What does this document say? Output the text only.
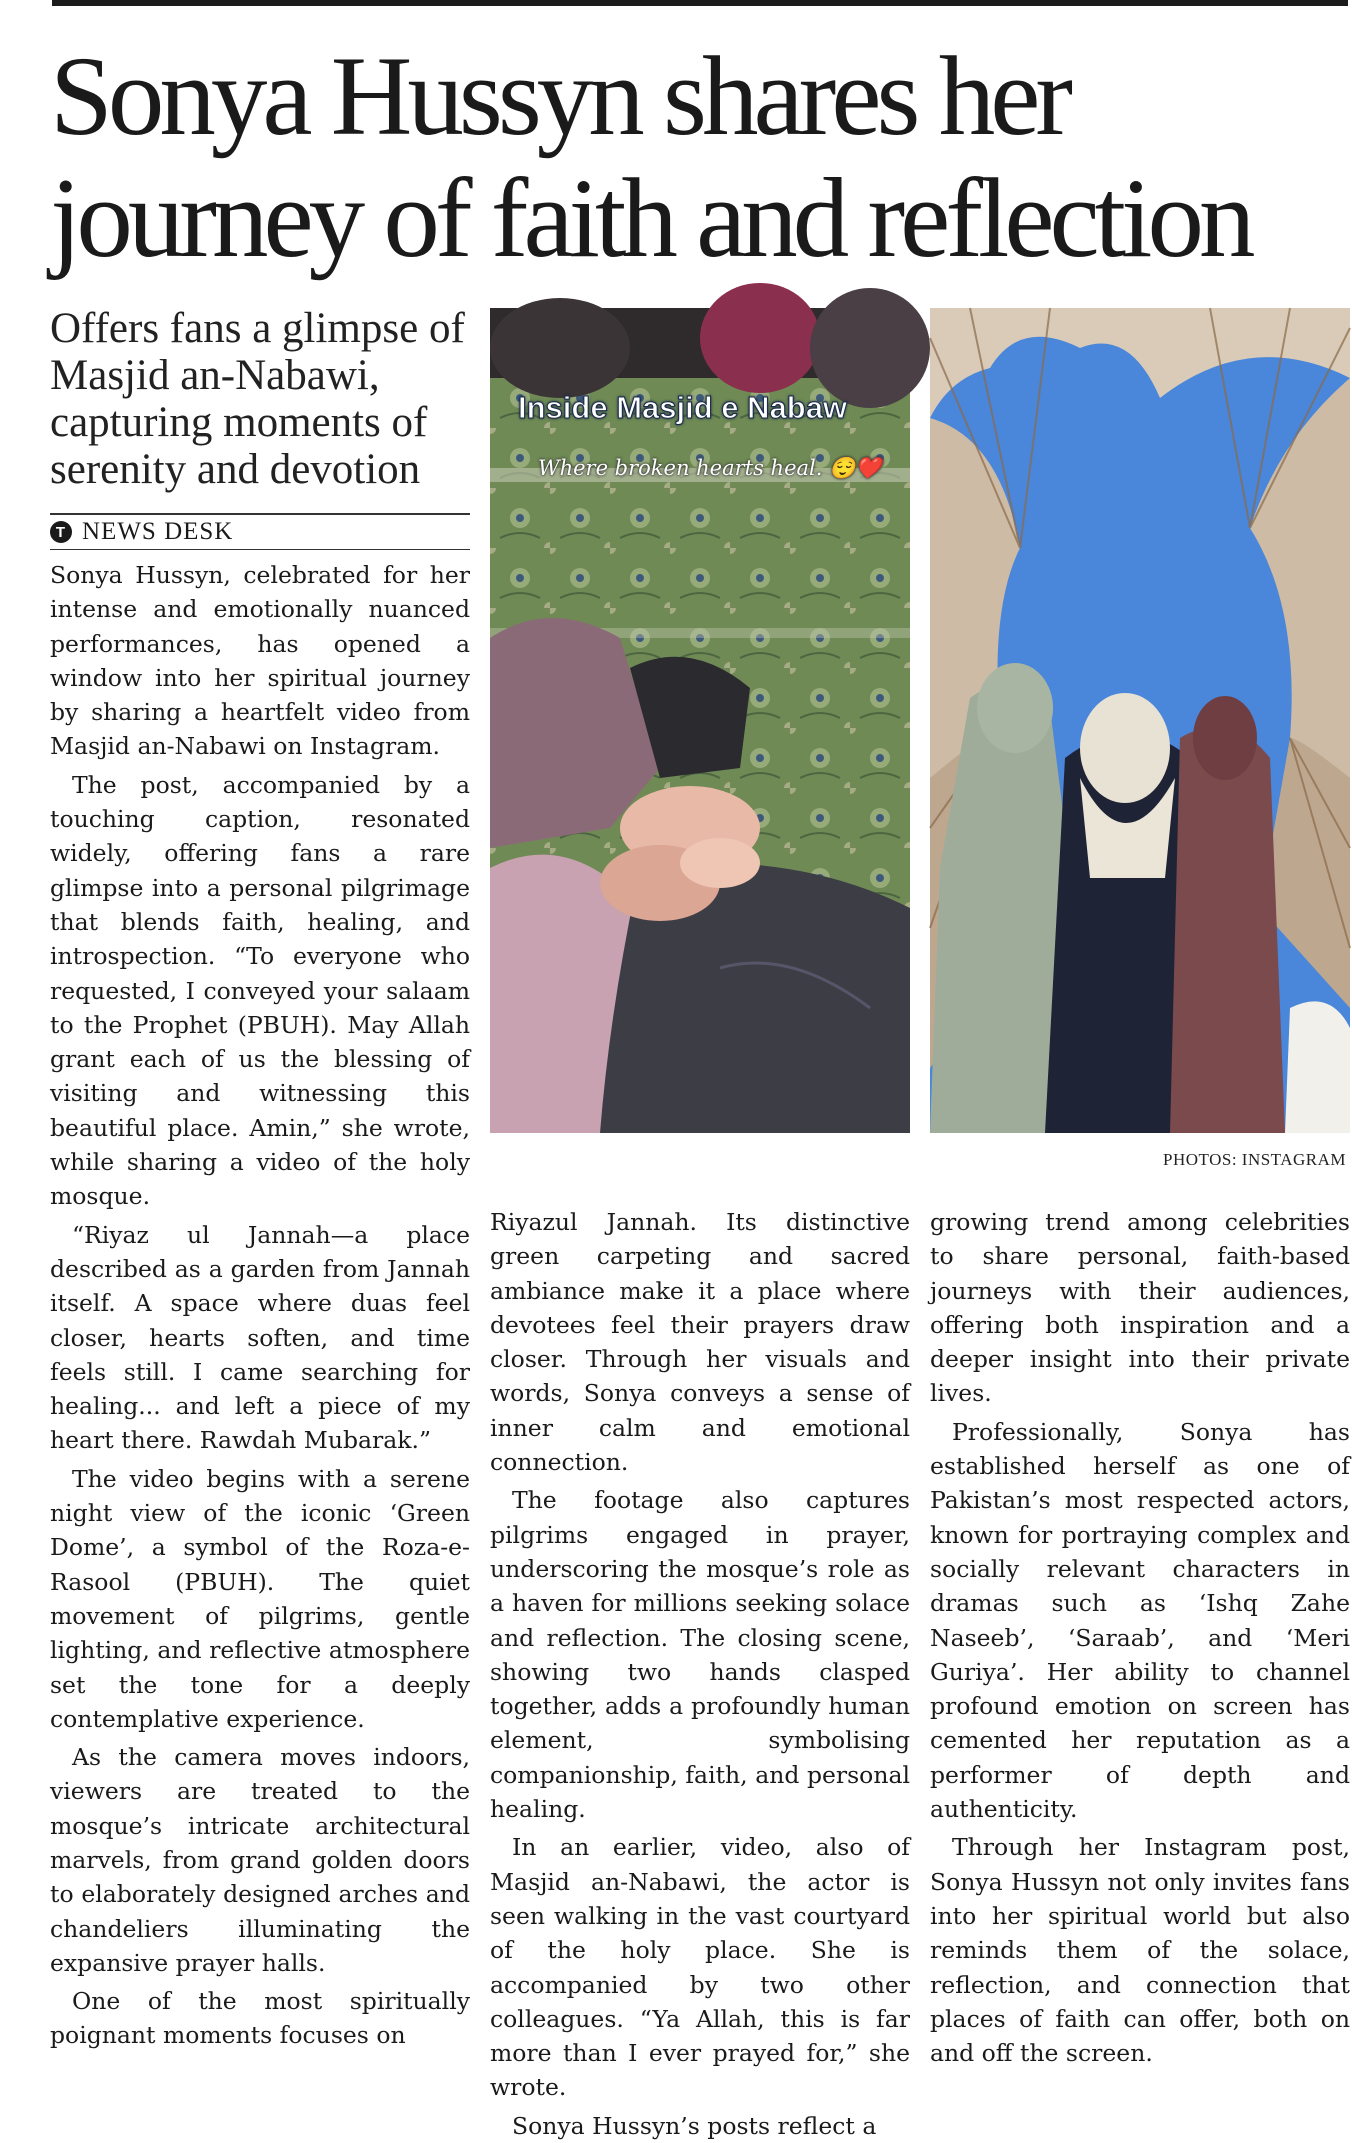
Sonya Hussyn shares her
journey of faith and reflection

Offers fans a glimpse of Masjid an-Nabawi, capturing moments of serenity and devotion

T NEWS DESK

Sonya Hussyn, celebrated for her intense and emotionally nuanced performances, has opened a window into her spiritual journey by sharing a heartfelt video from Masjid an-Nabawi on Instagram.

The post, accompanied by a touching caption, resonated widely, offering fans a rare glimpse into a personal pilgrimage that blends faith, healing, and introspection. “To everyone who requested, I conveyed your salaam to the Prophet (PBUH). May Allah grant each of us the blessing of visiting and witnessing this beautiful place. Amin,” she wrote, while sharing a video of the holy mosque.

“Riyaz ul Jannah—a place described as a garden from Jannah itself. A space where duas feel closer, hearts soften, and time feels still. I came searching for healing... and left a piece of my heart there. Rawdah Mubarak.”

The video begins with a serene night view of the iconic ‘Green Dome’, a symbol of the Roza-e-Rasool (PBUH). The quiet movement of pilgrims, gentle lighting, and reflective atmosphere set the tone for a deeply contemplative experience.

As the camera moves indoors, viewers are treated to the mosque’s intricate architectural marvels, from grand golden doors to elaborately designed arches and chandeliers illuminating the expansive prayer halls.

One of the most spiritually poignant moments focuses on

Inside Masjid e Nabaw
Where broken hearts heal. 😌❤️
PHOTOS: INSTAGRAM

Riyazul Jannah. Its distinctive green carpeting and sacred ambiance make it a place where devotees feel their prayers draw closer. Through her visuals and words, Sonya conveys a sense of inner calm and emotional connection.

The footage also captures pilgrims engaged in prayer, underscoring the mosque’s role as a haven for millions seeking solace and reflection. The closing scene, showing two hands clasped together, adds a profoundly human element, symbolising companionship, faith, and personal healing.

In an earlier, video, also of Masjid an-Nabawi, the actor is seen walking in the vast courtyard of the holy place. She is accompanied by two other colleagues. “Ya Allah, this is far more than I ever prayed for,” she wrote.

Sonya Hussyn’s posts reflect a

growing trend among celebrities to share personal, faith-based journeys with their audiences, offering both inspiration and a deeper insight into their private lives.

Professionally, Sonya has established herself as one of Pakistan’s most respected actors, known for portraying complex and socially relevant characters in dramas such as ‘Ishq Zahe Naseeb’, ‘Saraab’, and ‘Meri Guriya’. Her ability to channel profound emotion on screen has cemented her reputation as a performer of depth and authenticity.

Through her Instagram post, Sonya Hussyn not only invites fans into her spiritual world but also reminds them of the solace, reflection, and connection that places of faith can offer, both on and off the screen.
